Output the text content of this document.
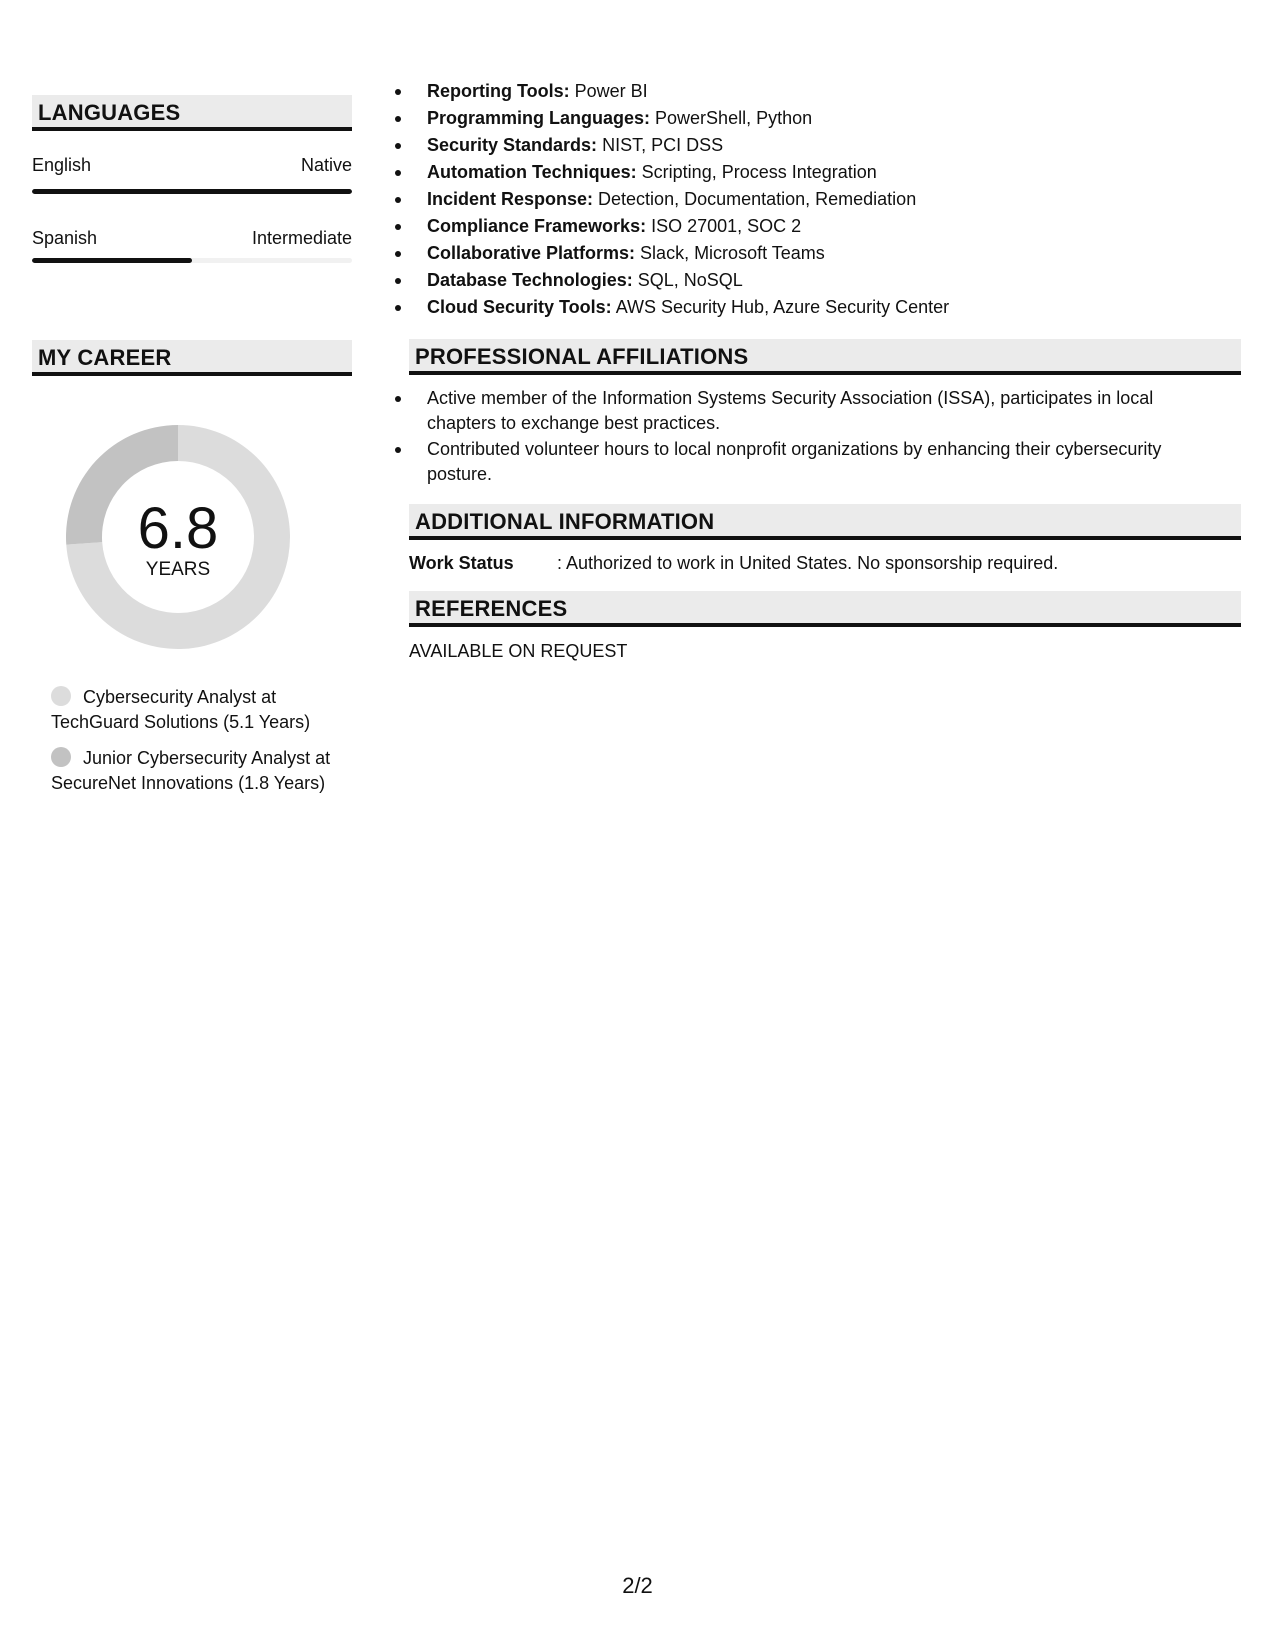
LANGUAGES
English	Native
Spanish	Intermediate
MY CAREER
6.8
YEARS
Cybersecurity Analyst at TechGuard Solutions (5.1 Years)
Junior Cybersecurity Analyst at SecureNet Innovations (1.8 Years)
Reporting Tools: Power BI
Programming Languages: PowerShell, Python
Security Standards: NIST, PCI DSS
Automation Techniques: Scripting, Process Integration
Incident Response: Detection, Documentation, Remediation
Compliance Frameworks: ISO 27001, SOC 2
Collaborative Platforms: Slack, Microsoft Teams
Database Technologies: SQL, NoSQL
Cloud Security Tools: AWS Security Hub, Azure Security Center
PROFESSIONAL AFFILIATIONS
Active member of the Information Systems Security Association (ISSA), participates in local chapters to exchange best practices.
Contributed volunteer hours to local nonprofit organizations by enhancing their cybersecurity posture.
ADDITIONAL INFORMATION
Work Status : Authorized to work in United States. No sponsorship required.
REFERENCES
AVAILABLE ON REQUEST
2/2
